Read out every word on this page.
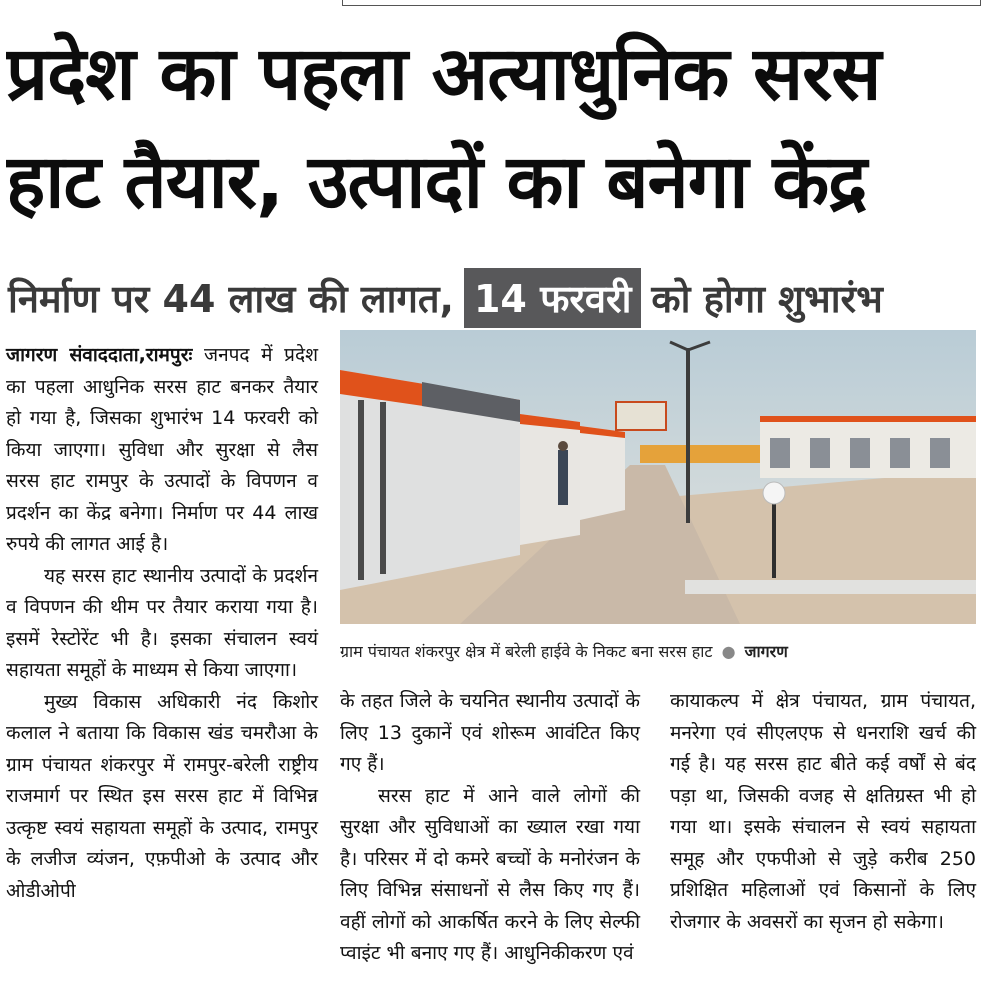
प्रदेश का पहला अत्याधुनिक सरस
हाट तैयार, उत्पादों का बनेगा केंद्र
निर्माण पर 44 लाख की लागत, 14 फरवरी को होगा शुभारंभ

जागरण संवाददाता,रामपुरः जनपद में प्रदेश का पहला आधुनिक सरस हाट बनकर तैयार हो गया है, जिसका शुभारंभ 14 फरवरी को किया जाएगा। सुविधा और सुरक्षा से लैस सरस हाट रामपुर के उत्पादों के विपणन व प्रदर्शन का केंद्र बनेगा। निर्माण पर 44 लाख रुपये की लागत आई है।

यह सरस हाट स्थानीय उत्पादों के प्रदर्शन व विपणन की थीम पर तैयार कराया गया है। इसमें रेस्टोरेंट भी है। इसका संचालन स्वयं सहायता समूहों के माध्यम से किया जाएगा।

मुख्य विकास अधिकारी नंद किशोर कलाल ने बताया कि विकास खंड चमरौआ के ग्राम पंचायत शंकरपुर में रामपुर-बरेली राष्ट्रीय राजमार्ग पर स्थित इस सरस हाट में विभिन्न उत्कृष्ट स्वयं सहायता समूहों के उत्पाद, रामपुर के लजीज व्यंजन, एफ़पीओ के उत्पाद और ओडीओपी

ग्राम पंचायत शंकरपुर क्षेत्र में बरेली हाईवे के निकट बना सरस हाट ● जागरण

के तहत जिले के चयनित स्थानीय उत्पादों के लिए 13 दुकानें एवं शोरूम आवंटित किए गए हैं।

सरस हाट में आने वाले लोगों की सुरक्षा और सुविधाओं का ख्याल रखा गया है। परिसर में दो कमरे बच्चों के मनोरंजन के लिए विभिन्न संसाधनों से लैस किए गए हैं। वहीं लोगों को आकर्षित करने के लिए सेल्फी प्वाइंट भी बनाए गए हैं। आधुनिकीकरण एवं

कायाकल्प में क्षेत्र पंचायत, ग्राम पंचायत, मनरेगा एवं सीएलएफ से धनराशि खर्च की गई है। यह सरस हाट बीते कई वर्षों से बंद पड़ा था, जिसकी वजह से क्षतिग्रस्त भी हो गया था। इसके संचालन से स्वयं सहायता समूह और एफपीओ से जुड़े करीब 250 प्रशिक्षित महिलाओं एवं किसानों के लिए रोजगार के अवसरों का सृजन हो सकेगा।
